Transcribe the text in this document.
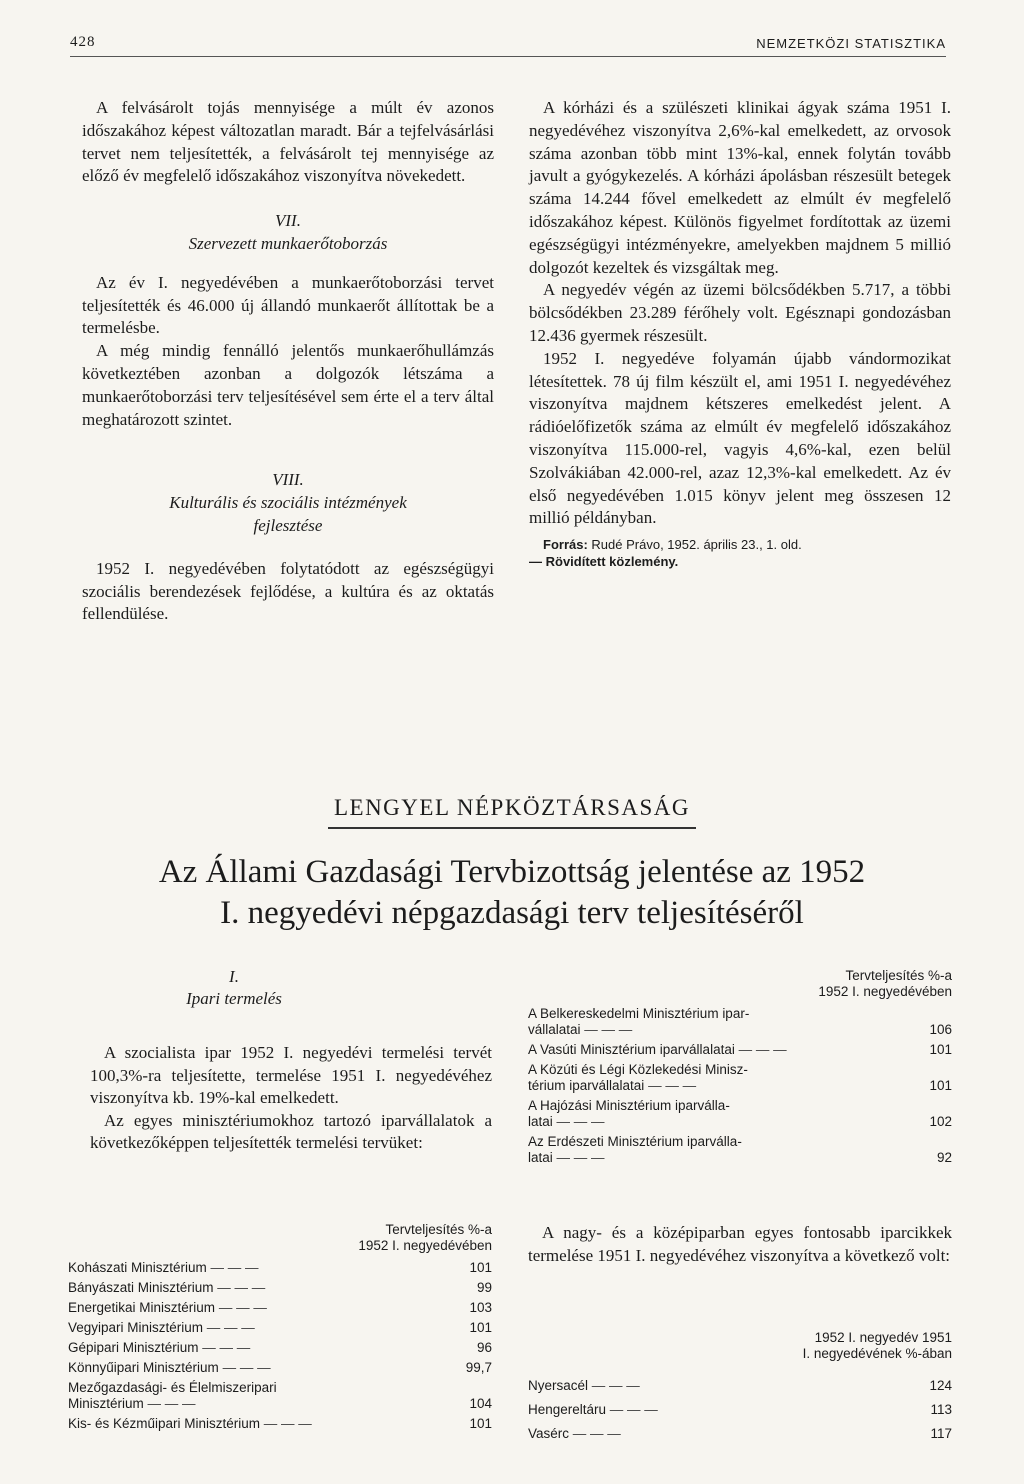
428	NEMZETKÖZI STATISZTIKA

A felvásárolt tojás mennyisége a múlt év azonos időszakához képest változatlan maradt. Bár a tejfelvásárlási tervet nem teljesítették, a felvásárolt tej mennyisége az előző év megfelelő időszakához viszonyítva növekedett.

VII.
Szervezett munkaerőtoborzás

Az év I. negyedévében a munkaerőtoborzási tervet teljesítették és 46.000 új állandó munkaerőt állítottak be a termelésbe.

A még mindig fennálló jelentős munkaerőhullámzás következtében azonban a dolgozók létszáma a munkaerőtoborzási terv teljesítésével sem érte el a terv által meghatározott szintet.

VIII.
Kulturális és szociális intézmények
fejlesztése

1952 I. negyedévében folytatódott az egészségügyi szociális berendezések fejlődése, a kultúra és az oktatás fellendülése.

A kórházi és a szülészeti klinikai ágyak száma 1951 I. negyedévéhez viszonyítva 2,6%-kal emelkedett, az orvosok száma azonban több mint 13%-kal, ennek folytán tovább javult a gyógykezelés. A kórházi ápolásban részesült betegek száma 14.244 fővel emelkedett az elmúlt év megfelelő időszakához képest. Különös figyelmet fordítottak az üzemi egészségügyi intézményekre, amelyekben majdnem 5 millió dolgozót kezeltek és vizsgáltak meg.

A negyedév végén az üzemi bölcsődékben 5.717, a többi bölcsődékben 23.289 férőhely volt. Egésznapi gondozásban 12.436 gyermek részesült.

1952 I. negyedéve folyamán újabb vándormozikat létesítettek. 78 új film készült el, ami 1951 I. negyedévéhez viszonyítva majdnem kétszeres emelkedést jelent. A rádióelőfizetők száma az elmúlt év megfelelő időszakához viszonyítva 115.000-rel, vagyis 4,6%-kal, ezen belül Szolvákiában 42.000-rel, azaz 12,3%-kal emelkedett. Az év első negyedévében 1.015 könyv jelent meg összesen 12 millió példányban.

Forrás: Rudé Právo, 1952. április 23., 1. old.
— Rövidített közlemény.

LENGYEL NÉPKÖZTÁRSASÁG
Az Állami Gazdasági Tervbizottság jelentése az 1952
I. negyedévi népgazdasági terv teljesítéséről
I.
Ipari termelés

A szocialista ipar 1952 I. negyedévi termelési tervét 100,3%-ra teljesítette, termelése 1951 I. negyedévéhez viszonyítva kb. 19%-kal emelkedett.

Az egyes minisztériumokhoz tartozó iparvállalatok a következőképpen teljesítették termelési tervüket:

Tervteljesítés %-a
1952 I. negyedévében
A Belkereskedelmi Minisztérium ipar-
vállalatai — — —	106
A Vasúti Minisztérium iparvállalatai — — —	101
A Közúti és Légi Közlekedési Minisz-
térium iparvállalatai — — —	101
A Hajózási Minisztérium iparválla-
latai — — —	102
Az Erdészeti Minisztérium iparválla-
latai — — —	92
Tervteljesítés %-a
1952 I. negyedévében
Kohászati Minisztérium — — —	101
Bányászati Minisztérium — — —	99
Energetikai Minisztérium — — —	103
Vegyipari Minisztérium — — —	101
Gépipari Minisztérium — — —	96
Könnyűipari Minisztérium — — —	99,7
Mezőgazdasági- és Élelmiszeripari
Minisztérium — — —	104
Kis- és Kézműipari Minisztérium — — —	101

A nagy- és a középiparban egyes fontosabb iparcikkek termelése 1951 I. negyedévéhez viszonyítva a következő volt:

1952 I. negyedév 1951
I. negyedévének %-ában
Nyersacél — — —	124
Hengereltáru — — —	113
Vasérc — — —	117
